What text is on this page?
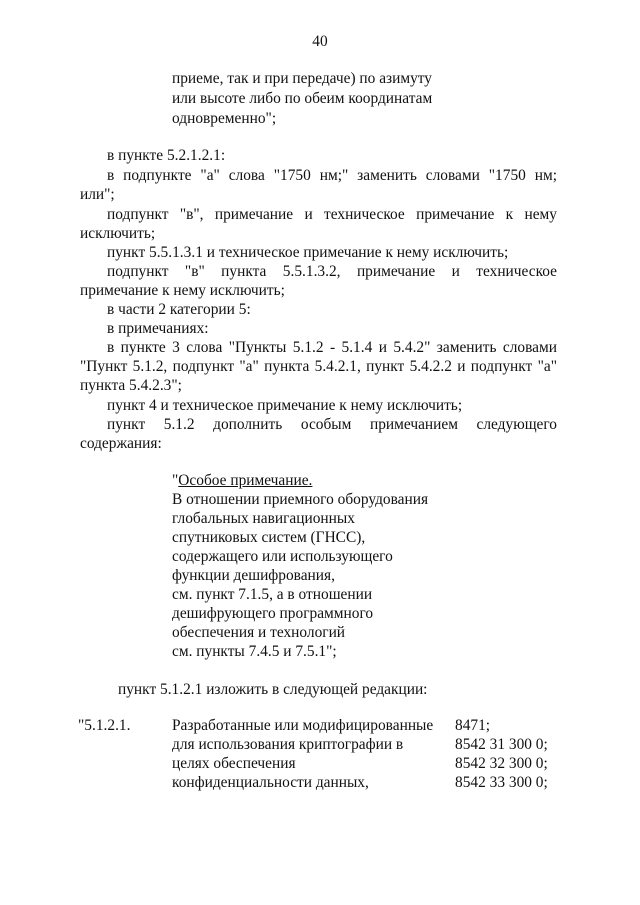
40
приеме, так и при передаче) по азимуту
или высоте либо по обеим координатам
одновременно";
в пункте 5.2.1.2.1:
в подпункте "а" слова "1750 нм;" заменить словами "1750 нм;
или";
подпункт "в", примечание и техническое примечание к нему
исключить;
пункт 5.5.1.3.1 и техническое примечание к нему исключить;
подпункт "в" пункта 5.5.1.3.2, примечание и техническое
примечание к нему исключить;
в части 2 категории 5:
в примечаниях:
в пункте 3 слова "Пункты 5.1.2 - 5.1.4 и 5.4.2" заменить словами
"Пункт 5.1.2, подпункт "а" пункта 5.4.2.1, пункт 5.4.2.2 и подпункт "а"
пункта 5.4.2.3";
пункт 4 и техническое примечание к нему исключить;
пункт 5.1.2 дополнить особым примечанием следующего
содержания:
"Особое примечание.
В отношении приемного оборудования
глобальных навигационных
спутниковых систем (ГНСС),
содержащего или использующего
функции дешифрования,
см. пункт 7.1.5, а в отношении
дешифрующего программного
обеспечения и технологий
см. пункты 7.4.5 и 7.5.1";
пункт 5.1.2.1 изложить в следующей редакции:
"5.1.2.1.	Разработанные или модифицированные
для использования криптографии в
целях обеспечения
конфиденциальности данных,
8471;
8542 31 300 0;
8542 32 300 0;
8542 33 300 0;
